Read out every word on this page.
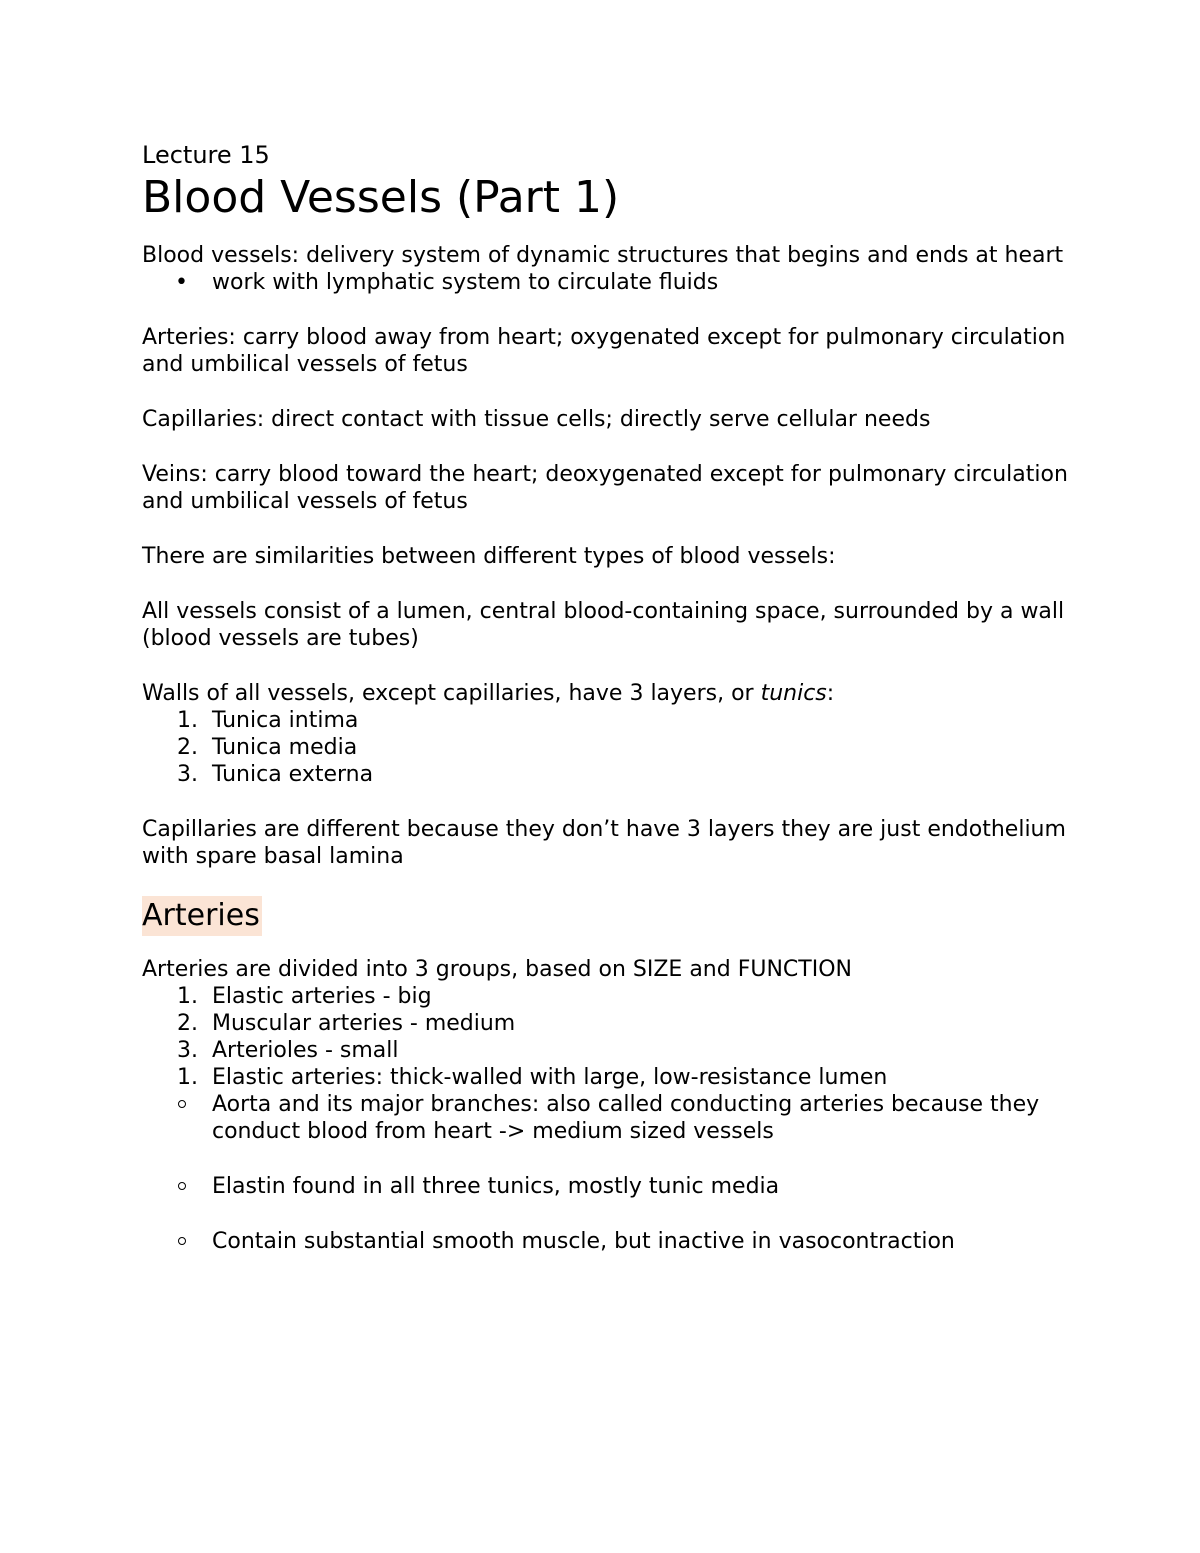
Lecture 15

Blood Vessels (Part 1)

Blood vessels: delivery system of dynamic structures that begins and ends at heart

• work with lymphatic system to circulate fluids

Arteries: carry blood away from heart; oxygenated except for pulmonary circulation and umbilical vessels of fetus

Capillaries: direct contact with tissue cells; directly serve cellular needs

Veins: carry blood toward the heart; deoxygenated except for pulmonary circulation and umbilical vessels of fetus

There are similarities between different types of blood vessels:

All vessels consist of a lumen, central blood-containing space, surrounded by a wall (blood vessels are tubes)

Walls of all vessels, except capillaries, have 3 layers, or tunics:

1. Tunica intima
2. Tunica media
3. Tunica externa

Capillaries are different because they don’t have 3 layers they are just endothelium with spare basal lamina

Arteries

Arteries are divided into 3 groups, based on SIZE and FUNCTION

1. Elastic arteries - big
2. Muscular arteries - medium
3. Arterioles - small
1. Elastic arteries: thick-walled with large, low-resistance lumen
Aorta and its major branches: also called conducting arteries because they conduct blood from heart -> medium sized vessels
Elastin found in all three tunics, mostly tunic media
Contain substantial smooth muscle, but inactive in vasocontraction
